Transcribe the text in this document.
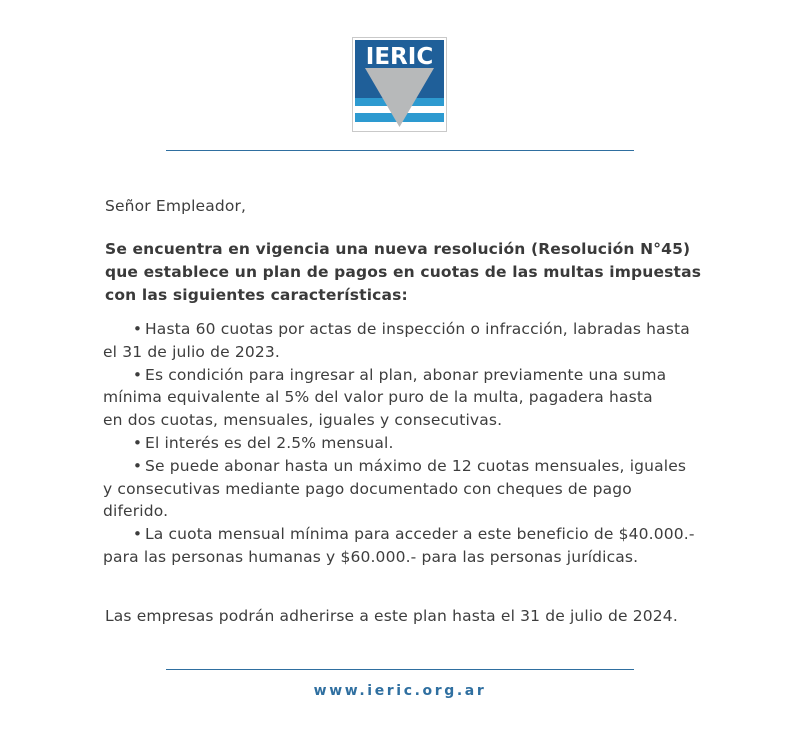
IERIC
Señor Empleador,
Se encuentra en vigencia una nueva resolución (Resolución N°45) que establece un plan de pagos en cuotas de las multas impuestas con las siguientes características:
• Hasta 60 cuotas por actas de inspección o infracción, labradas hasta
el 31 de julio de 2023.
• Es condición para ingresar al plan, abonar previamente una suma
mínima equivalente al 5% del valor puro de la multa, pagadera hasta
en dos cuotas, mensuales, iguales y consecutivas.
• El interés es del 2.5% mensual.
• Se puede abonar hasta un máximo de 12 cuotas mensuales, iguales
y consecutivas mediante pago documentado con cheques de pago
diferido.
• La cuota mensual mínima para acceder a este beneficio de $40.000.-
para las personas humanas y $60.000.- para las personas jurídicas.
Las empresas podrán adherirse a este plan hasta el 31 de julio de 2024.
www.ieric.org.ar
